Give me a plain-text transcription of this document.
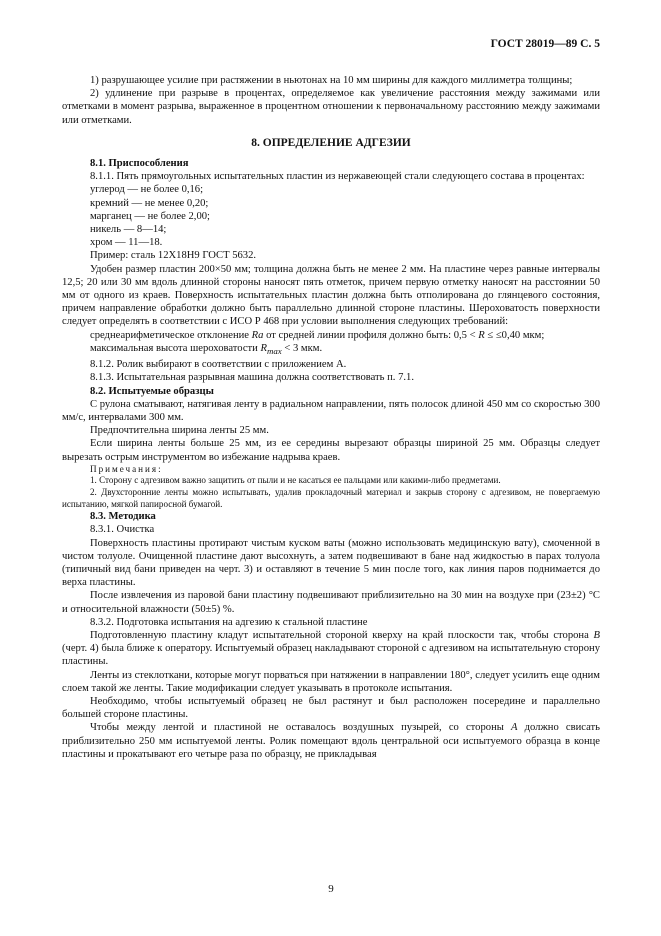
ГОСТ 28019—89 С. 5

1) разрушающее усилие при растяжении в ньютонах на 10 мм ширины для каждого миллиметра толщины;

2) удлинение при разрыве в процентах, определяемое как увеличение расстояния между зажимами или отметками в момент разрыва, выраженное в процентном отношении к первоначальному расстоянию между зажимами или отметками.

8. ОПРЕДЕЛЕНИЕ АДГЕЗИИ

8.1. Приспособления

8.1.1. Пять прямоугольных испытательных пластин из нержавеющей стали следующего состава в процентах:

углерод — не более 0,16;

кремний — не менее 0,20;

марганец — не более 2,00;

никель — 8—14;

хром — 11—18.

Пример: сталь 12Х18Н9 ГОСТ 5632.

Удобен размер пластин 200×50 мм; толщина должна быть не менее 2 мм. На пластине через равные интервалы 12,5; 20 или 30 мм вдоль длинной стороны наносят пять отметок, причем первую отметку наносят на расстоянии 50 мм от одного из краев. Поверхность испытательных пластин должна быть отполирована до глянцевого состояния, причем направление обработки должно быть параллельно длинной стороне пластины. Шероховатость поверхности следует определять в соответствии с ИСО Р 468 при условии выполнения следующих требований:

среднеарифметическое отклонение Ra от средней линии профиля должно быть: 0,5 < R ≤ ≤0,40 мкм;

максимальная высота шероховатости $R_{max} < 3$ мкм.

8.1.2. Ролик выбирают в соответствии с приложением А.

8.1.3. Испытательная разрывная машина должна соответствовать п. 7.1.

8.2. Испытуемые образцы

С рулона сматывают, натягивая ленту в радиальном направлении, пять полосок длиной 450 мм со скоростью 300 мм/с, интервалами 300 мм.

Предпочтительна ширина ленты 25 мм.

Если ширина ленты больше 25 мм, из ее середины вырезают образцы шириной 25 мм. Образцы следует вырезать острым инструментом во избежание надрыва краев.

Примечания:

1. Сторону с адгезивом важно защитить от пыли и не касаться ее пальцами или какими-либо предметами.

2. Двухсторонние ленты можно испытывать, удалив прокладочный материал и закрыв сторону с адгезивом, не повергаемую испытанию, мягкой папиросной бумагой.

8.3. Методика

8.3.1. Очистка

Поверхность пластины протирают чистым куском ваты (можно использовать медицинскую вату), смоченной в чистом толуоле. Очищенной пластине дают высохнуть, а затем подвешивают в бане над жидкостью в парах толуола (типичный вид бани приведен на черт. 3) и оставляют в течение 5 мин после того, как линия паров поднимается до верха пластины.

После извлечения из паровой бани пластину подвешивают приблизительно на 30 мин на воздухе при (23±2) °С и относительной влажности (50±5) %.

8.3.2. Подготовка испытания на адгезию к стальной пластине

Подготовленную пластину кладут испытательной стороной кверху на край плоскости так, чтобы сторона В (черт. 4) была ближе к оператору. Испытуемый образец накладывают стороной с адгезивом на испытательную сторону пластины.

Ленты из стеклоткани, которые могут порваться при натяжении в направлении 180°, следует усилить еще одним слоем такой же ленты. Такие модификации следует указывать в протоколе испытания.

Необходимо, чтобы испытуемый образец не был растянут и был расположен посередине и параллельно большей стороне пластины.

Чтобы между лентой и пластиной не оставалось воздушных пузырей, со стороны А должно свисать приблизительно 250 мм испытуемой ленты. Ролик помещают вдоль центральной оси испытуемого образца в конце пластины и прокатывают его четыре раза по образцу, не прикладывая

9
